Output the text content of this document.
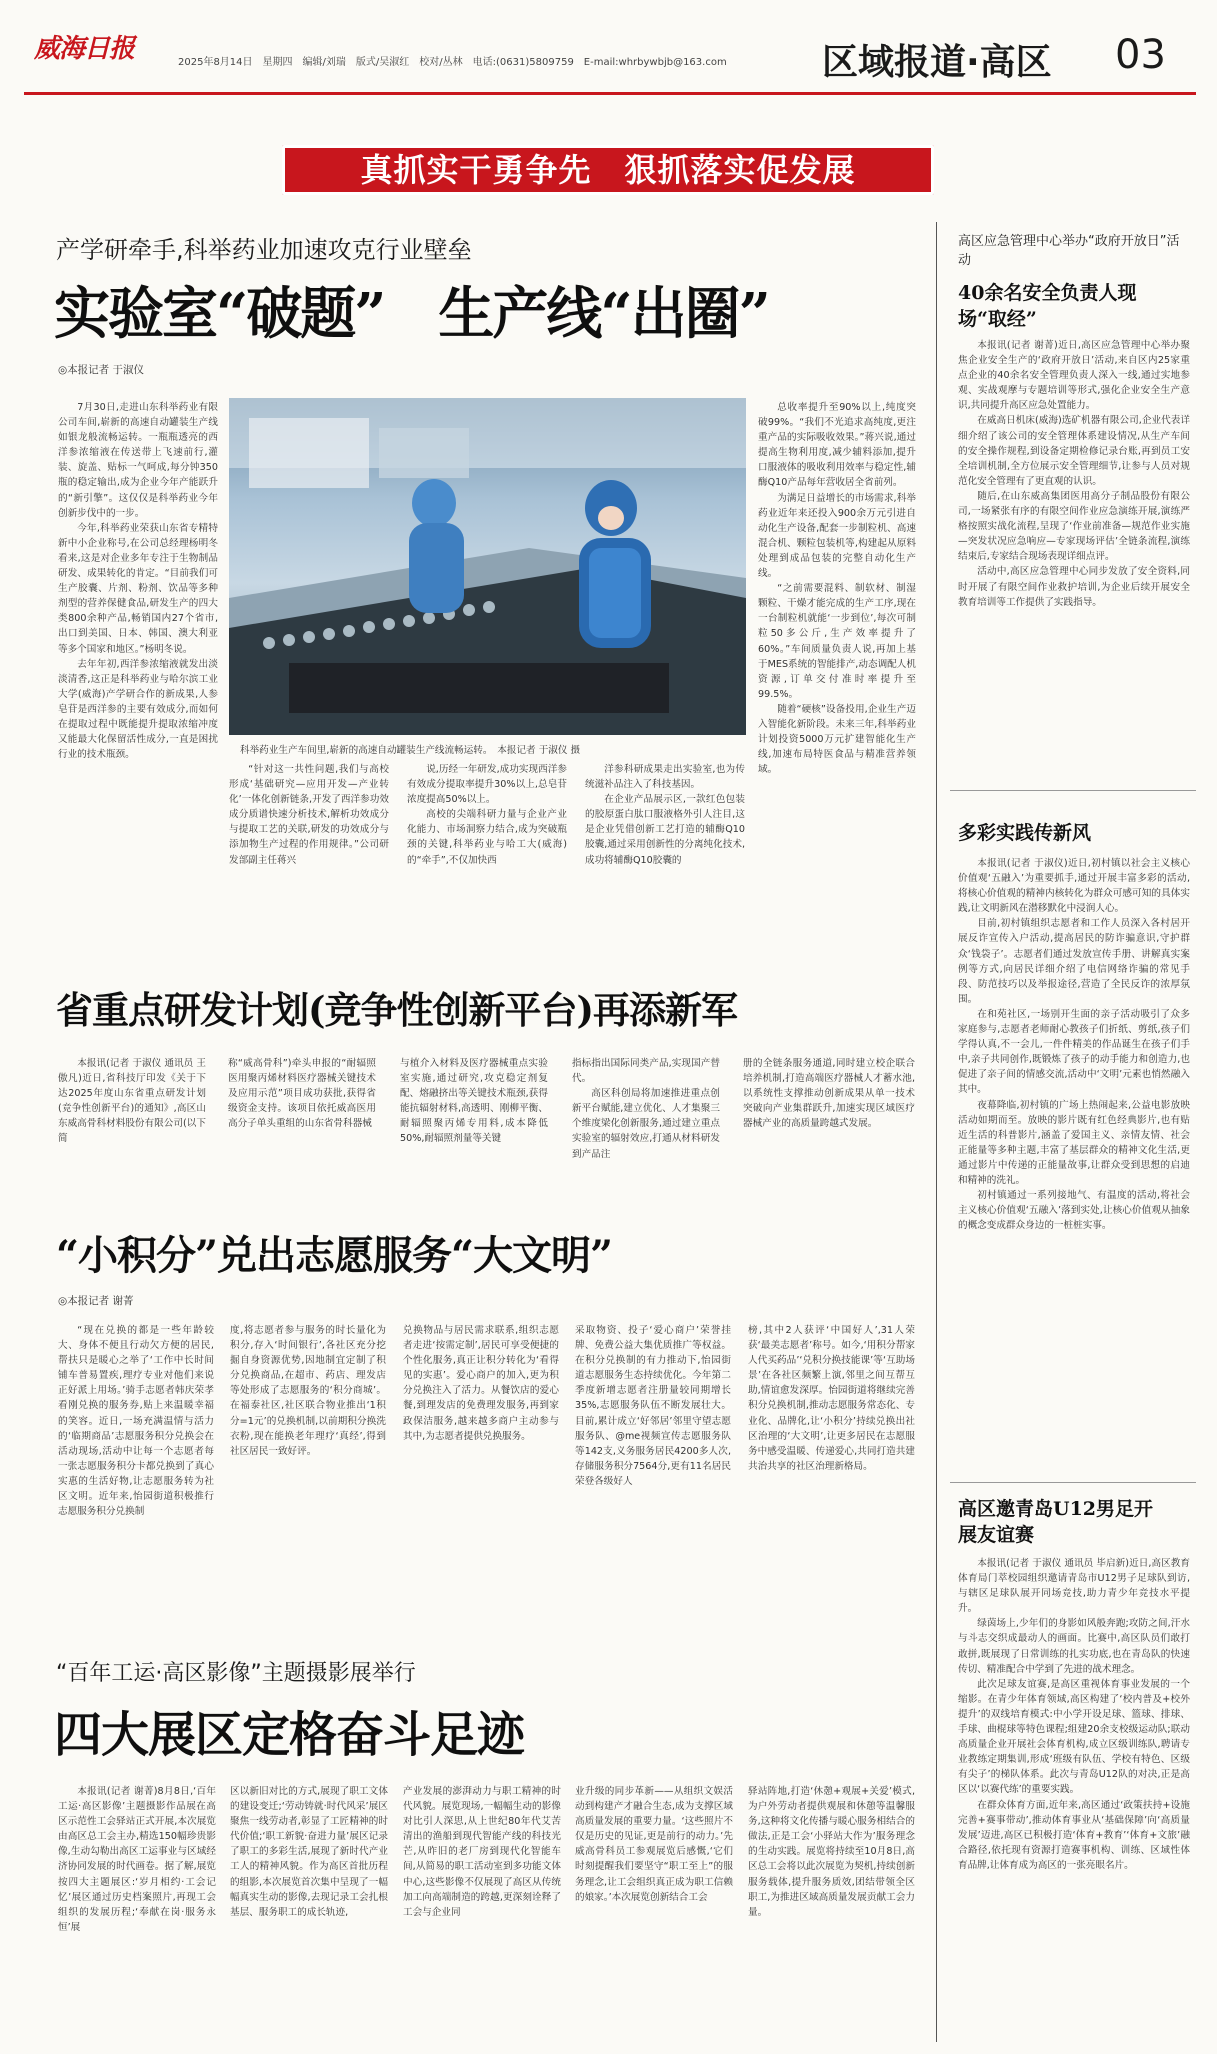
威海日报	2025年8月14日　星期四　编辑/刘瑞　版式/吴淑红　校对/丛林　电话:(0631)5809759　E-mail:whrbywbjb@163.com	区域报道·高区 03
真抓实干勇争先　狠抓落实促发展
产学研牵手,科举药业加速攻克行业壁垒
实验室“破题”　生产线“出圈”
◎本报记者 于淑仪

7月30日,走进山东科举药业有限公司车间,崭新的高速自动罐装生产线如银龙般流畅运转。一瓶瓶透亮的西洋参浓缩液在传送带上飞速前行,灌装、旋盖、贴标一气呵成,每分钟350瓶的稳定输出,成为企业今年产能跃升的“新引擎”。这仅仅是科举药业今年创新步伐中的一步。

今年,科举药业荣获山东省专精特新中小企业称号,在公司总经理杨明冬看来,这是对企业多年专注于生物制品研发、成果转化的肯定。“目前我们可生产胶囊、片剂、粉剂、饮品等多种剂型的营养保健食品,研发生产的四大类800余种产品,畅销国内27个省市,出口到美国、日本、韩国、澳大利亚等多个国家和地区。”杨明冬说。

去年年初,西洋参浓缩液就发出淡淡清香,这正是科举药业与哈尔滨工业大学(威海)产学研合作的新成果,人参皂苷是西洋参的主要有效成分,而如何在提取过程中既能提升提取浓缩冲度又能最大化保留活性成分,一直是困扰行业的技术瓶颈。	科举药业生产车间里,崭新的高速自动罐装生产线流畅运转。　本报记者 于淑仪 摄

“针对这一共性问题,我们与高校形成‘基础研究—应用开发—产业转化’一体化创新链条,开发了西洋参功效成分质谱快速分析技术,解析功效成分与提取工艺的关联,研发的功效成分与添加物生产过程的作用规律。”公司研发部副主任蒋兴

说,历经一年研发,成功实现西洋参有效成分提取率提升30%以上,总皂苷浓度提高50%以上。

高校的尖端科研力量与企业产业化能力、市场洞察力结合,成为突破瓶颈的关键,科举药业与哈工大(威海)的“牵手”,不仅加快西

洋参科研成果走出实验室,也为传统滋补品注入了科技基因。

在企业产品展示区,一款红色包装的胶原蛋白肽口服液格外引人注目,这是企业凭借创新工艺打造的辅酶Q10胶囊,通过采用创新性的分离纯化技术,成功将辅酶Q10胶囊的

总收率提升至90%以上,纯度突破99%。“我们不光追求高纯度,更注重产品的实际吸收效果。”蒋兴说,通过提高生物利用度,减少辅料添加,提升口服液体的吸收利用效率与稳定性,辅酶Q10产品每年营收居全省前列。

为满足日益增长的市场需求,科举药业近年来还投入900余万元引进自动化生产设备,配套一步制粒机、高速混合机、颗粒包装机等,构建起从原料处理到成品包装的完整自动化生产线。

“之前需要混料、制软材、制湿颗粒、干燥才能完成的生产工序,现在一台制粒机就能‘一步到位’,每次可制粒50多公斤,生产效率提升了60%。”车间质量负责人说,再加上基于MES系统的智能排产,动态调配人机资源,订单交付准时率提升至99.5%。

随着“硬核”设备投用,企业生产迈入智能化新阶段。未来三年,科举药业计划投资5000万元扩建智能化生产线,加速布局特医食品与精准营养领域。

省重点研发计划(竞争性创新平台)再添新军

本报讯(记者 于淑仪 通讯员 王傲凡)近日,省科技厅印发《关于下达2025年度山东省重点研发计划(竞争性创新平台)的通知》,高区山东威高骨科材料股份有限公司(以下简

称“威高骨科”)牵头申报的“耐辐照医用聚丙烯材料医疗器械关键技术及应用示范”项目成功获批,获得省级资金支持。该项目依托威高医用高分子单头重组的山东省骨科器械
与植介入材料及医疗器械重点实验室实施,通过研究,攻克稳定剂复配、熔融挤出等关键技术瓶颈,获得能抗辐射材料,高透明、刚柳平衡、耐辐照聚丙烯专用料,成本降低50%,耐辐照剂量等关键
指标指出国际同类产品,实现国产替代。

高区科创局将加速推进重点创新平台赋能,建立优化、人才集聚三个维度梁化创新服务,通过建立重点实验室的辐射效应,打通从材料研发到产品注

册的全链条服务通道,同时建立校企联合培养机制,打造高端医疗器械人才蓄水池,以系统性支撑推动创新成果从单一技术突破向产业集群跃升,加速实现区域医疗器械产业的高质量跨越式发展。
“小积分”兑出志愿服务“大文明”
◎本报记者 谢菁

“现在兑换的都是一些年龄较大、身体不便且行动欠方便的居民,帮扶只是暖心之举了‘工作中长时间铺车普易置疾,理疗专业对他们来说正好派上用场。’骑手志愿者韩庆荣孝看刚兑换的服务券,贴上来温暖幸福的笑容。近日,一场充满温情与活力的‘临期商品’志愿服务积分兑换会在活动现场,活动中让每一个志愿者每一张志愿服务积分卡都兑换到了真心实惠的生活好物,让志愿服务转为社区文明。近年来,怡园街道积极推行志愿服务积分兑换制

度,将志愿者参与服务的时长量化为积分,存入‘时间银行’,各社区充分挖掘自身资源优势,因地制宜定制了积分兑换商品,在超市、药店、理发店等处形成了志愿服务的‘积分商城’。在福泰社区,社区联合物业推出‘1积分=1元’的兑换机制,以前期积分换洗衣粉,现在能换老年理疗‘真经’,得到社区居民一致好评。
兑换物品与居民需求联系,组织志愿者走进‘按需定制’,居民可享受便捷的个性化服务,真正让积分转化为‘看得见的实惠’。爱心商户的加入,更为积分兑换注入了活力。从餐饮店的爱心餐,到理发店的免费理发服务,再到家政保洁服务,越来越多商户主动参与其中,为志愿者提供兑换服务。
采取物资、投子‘爱心商户’荣誉挂牌、免费公益大集优质推广等权益。在积分兑换制的有力推动下,怡园街道志愿服务生态持续优化。今年第二季度新增志愿者注册量较同期增长35%,志愿服务队伍不断发展壮大。目前,累计成立‘好邻居’邻里守望志愿服务队、@me视频宣传志愿服务队等142支,义务服务居民4200多人次,存储服务积分7564分,更有11名居民荣登各级好人
榜,其中2人获评‘中国好人’,31人荣获‘最美志愿者’称号。如今,‘用积分帮家人代买药品’‘兑积分换技能课’等‘互助场景’在各社区频繁上演,邻里之间互帮互助,情谊愈发深厚。怡园街道将继续完善积分兑换机制,推动志愿服务常态化、专业化、品牌化,让‘小积分’持续兑换出社区治理的‘大文明’,让更多居民在志愿服务中感受温暖、传递爱心,共同打造共建共治共享的社区治理新格局。
“百年工运·高区影像”主题摄影展举行
四大展区定格奋斗足迹

本报讯(记者 谢菁)8月8日,‘百年工运·高区影像’主题摄影作品展在高区示范性工会驿站正式开展,本次展览由高区总工会主办,精选150幅珍贵影像,生动勾勒出高区工运事业与区域经济协同发展的时代画卷。据了解,展览按四大主题展区:‘岁月相约·工会记忆’展区通过历史档案照片,再现工会组织的发展历程;‘奉献在岗·服务永恒’展

区以新旧对比的方式,展现了职工文体的建设变迁;‘劳动铸就·时代风采’展区聚焦一线劳动者,彰显了工匠精神的时代价值;‘职工新貌·奋进力量’展区记录了职工的多彩生活,展现了新时代产业工人的精神风貌。作为高区首批历程的组影,本次展览首次集中呈现了一幅幅真实生动的影像,去现记录工会扎根基层、服务职工的成长轨迹,
产业发展的澎湃动力与职工精神的时代风貌。展览现场,一幅幅生动的影像对比引人深思,从上世纪80年代艾苦清出的渔船到现代智能产线的科技光芒,从昨旧的老厂房到现代化智能车间,从简易的职工活动室到多功能文体中心,这些影像不仅展现了高区从传统加工向高端制造的跨越,更深刻诠释了工会与企业同
业升级的同步革新——从组织文娱活动到构建产才融合生态,成为支撑区域高质量发展的重要力量。‘这些照片不仅是历史的见证,更是前行的动力。’先威高骨科员工参观展览后感慨,‘它们时刻提醒我们要坚守“职工至上”的服务理念,让工会组织真正成为职工信赖的娘家。’本次展览创新结合工会
驿站阵地,打造‘休憩+观展+关爱’模式,为户外劳动者提供观展和休憩等温馨服务,这种将文化传播与暖心服务相结合的做法,正是工会‘小驿站大作为’服务理念的生动实践。展览将持续至10月8日,高区总工会将以此次展览为契机,持续创新服务载体,提升服务质效,团结带领全区职工,为推进区域高质量发展贡献工会力量。
高区应急管理中心举办“政府开放日”活动
40余名安全负责人现场“取经”

本报讯(记者 谢菁)近日,高区应急管理中心举办聚焦企业安全生产的‘政府开放日’活动,来自区内25家重点企业的40余名安全管理负责人深入一线,通过实地参观、实战观摩与专题培训等形式,强化企业安全生产意识,共同提升高区应急处置能力。

在威高日机床(威海)选矿机器有限公司,企业代表详细介绍了该公司的安全管理体系建设情况,从生产车间的安全操作规程,到设备定期检修记录台账,再到员工安全培训机制,全方位展示安全管理细节,让参与人员对规范化安全管理有了更直观的认识。

随后,在山东威高集团医用高分子制品股份有限公司,一场紧张有序的有限空间作业应急演练开展,演练严格按照实战化流程,呈现了‘作业前准备—规范作业实施—突发状况应急响应—专家现场评估’全链条流程,演练结束后,专家结合现场表现详细点评。

活动中,高区应急管理中心同步发放了安全资料,同时开展了有限空间作业救护培训,为企业后续开展安全教育培训等工作提供了实践指导。

多彩实践传新风

本报讯(记者 于淑仪)近日,初村镇以社会主义核心价值观‘五融入’为重要抓手,通过开展丰富多彩的活动,将核心价值观的精神内核转化为群众可感可知的具体实践,让文明新风在潜移默化中浸润人心。

目前,初村镇组织志愿者和工作人员深入各村居开展反诈宣传入户活动,提高居民的防诈骗意识,守护群众‘钱袋子’。志愿者们通过发放宣传手册、讲解真实案例等方式,向居民详细介绍了电信网络诈骗的常见手段、防范技巧以及举报途径,营造了全民反诈的浓厚氛围。

在和苑社区,一场别开生面的亲子活动吸引了众多家庭参与,志愿者老师耐心教孩子们折纸、剪纸,孩子们学得认真,不一会儿,一件件精美的作品诞生在孩子们手中,亲子共同创作,既锻炼了孩子的动手能力和创造力,也促进了亲子间的情感交流,活动中‘文明’元素也悄然融入其中。

夜幕降临,初村镇的广场上热闹起来,公益电影放映活动如期而至。放映的影片既有红色经典影片,也有贴近生活的科普影片,涵盖了爱国主义、亲情友情、社会正能量等多种主题,丰富了基层群众的精神文化生活,更通过影片中传递的正能量故事,让群众受到思想的启迪和精神的洗礼。

初村镇通过一系列接地气、有温度的活动,将社会主义核心价值观‘五融入’落到实处,让核心价值观从抽象的概念变成群众身边的一桩桩实事。

高区邀青岛U12男足开展友谊赛

本报讯(记者 于淑仪 通讯员 毕启新)近日,高区教育体育局门萃校园组织邀请青岛市U12男子足球队到访,与辖区足球队展开同场竞技,助力青少年竞技水平提升。

绿茵场上,少年们的身影如风般奔跑;攻防之间,汗水与斗志交织成最动人的画面。比赛中,高区队员们敢打敢拼,既展现了日常训练的扎实功底,也在青岛队的快速传切、精准配合中学到了先进的战术理念。

此次足球友谊赛,是高区重视体育事业发展的一个缩影。在青少年体育领域,高区构建了‘校内普及+校外提升’的双线培育模式:中小学开设足球、篮球、排球、手球、曲棍球等特色课程;组建20余支校级运动队;联动高质量企业开展社会体育机构,成立区级训练队,聘请专业教练定期集训,形成‘班级有队伍、学校有特色、区级有尖子’的梯队体系。此次与青岛U12队的对决,正是高区以‘以赛代练’的重要实践。

在群众体育方面,近年来,高区通过‘政策扶持+设施完善+赛事带动’,推动体育事业从‘基础保障’向‘高质量发展’迈进,高区已积极打造‘体育+教育’‘体育+文旅’融合路径,依托现有资源打造赛事机构、训练、区域性体育品牌,让体育成为高区的一张亮眼名片。
